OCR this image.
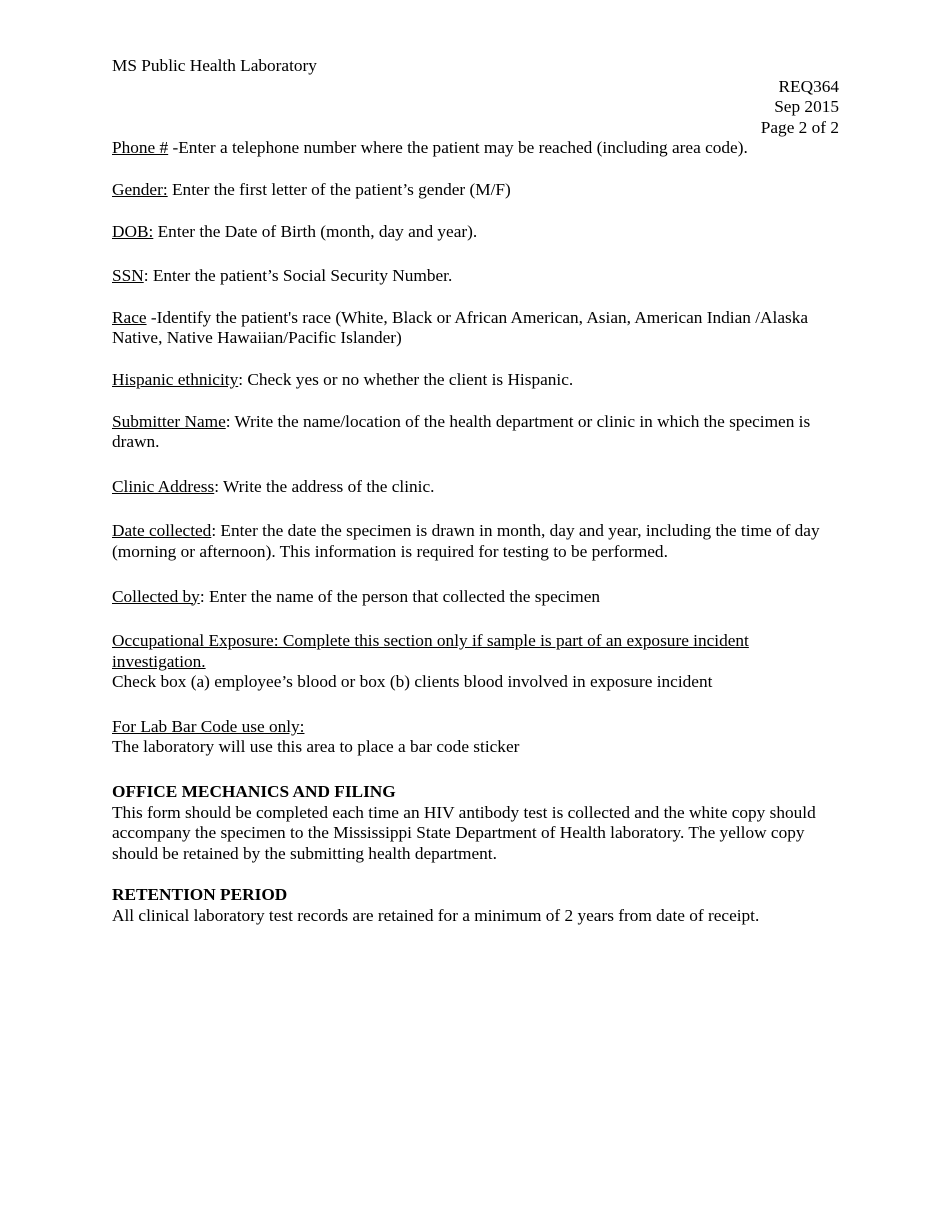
MS Public Health Laboratory
REQ364
Sep 2015
Page 2 of 2

Phone # -Enter a telephone number where the patient may be reached (including area code).

Gender: Enter the first letter of the patient’s gender (M/F)

DOB: Enter the Date of Birth (month, day and year).

SSN: Enter the patient’s Social Security Number.

Race -Identify the patient's race (White, Black or African American, Asian, American Indian /Alaska Native, Native Hawaiian/Pacific Islander)

Hispanic ethnicity: Check yes or no whether the client is Hispanic.

Submitter Name: Write the name/location of the health department or clinic in which the specimen is drawn.

Clinic Address: Write the address of the clinic.

Date collected: Enter the date the specimen is drawn in month, day and year, including the time of day (morning or afternoon). This information is required for testing to be performed.

Collected by: Enter the name of the person that collected the specimen

Occupational Exposure: Complete this section only if sample is part of an exposure incident investigation.

Check box (a) employee’s blood or box (b) clients blood involved in exposure incident

For Lab Bar Code use only:

The laboratory will use this area to place a bar code sticker

OFFICE MECHANICS AND FILING

This form should be completed each time an HIV antibody test is collected and the white copy should accompany the specimen to the Mississippi State Department of Health laboratory. The yellow copy should be retained by the submitting health department.

RETENTION PERIOD

All clinical laboratory test records are retained for a minimum of 2 years from date of receipt.
